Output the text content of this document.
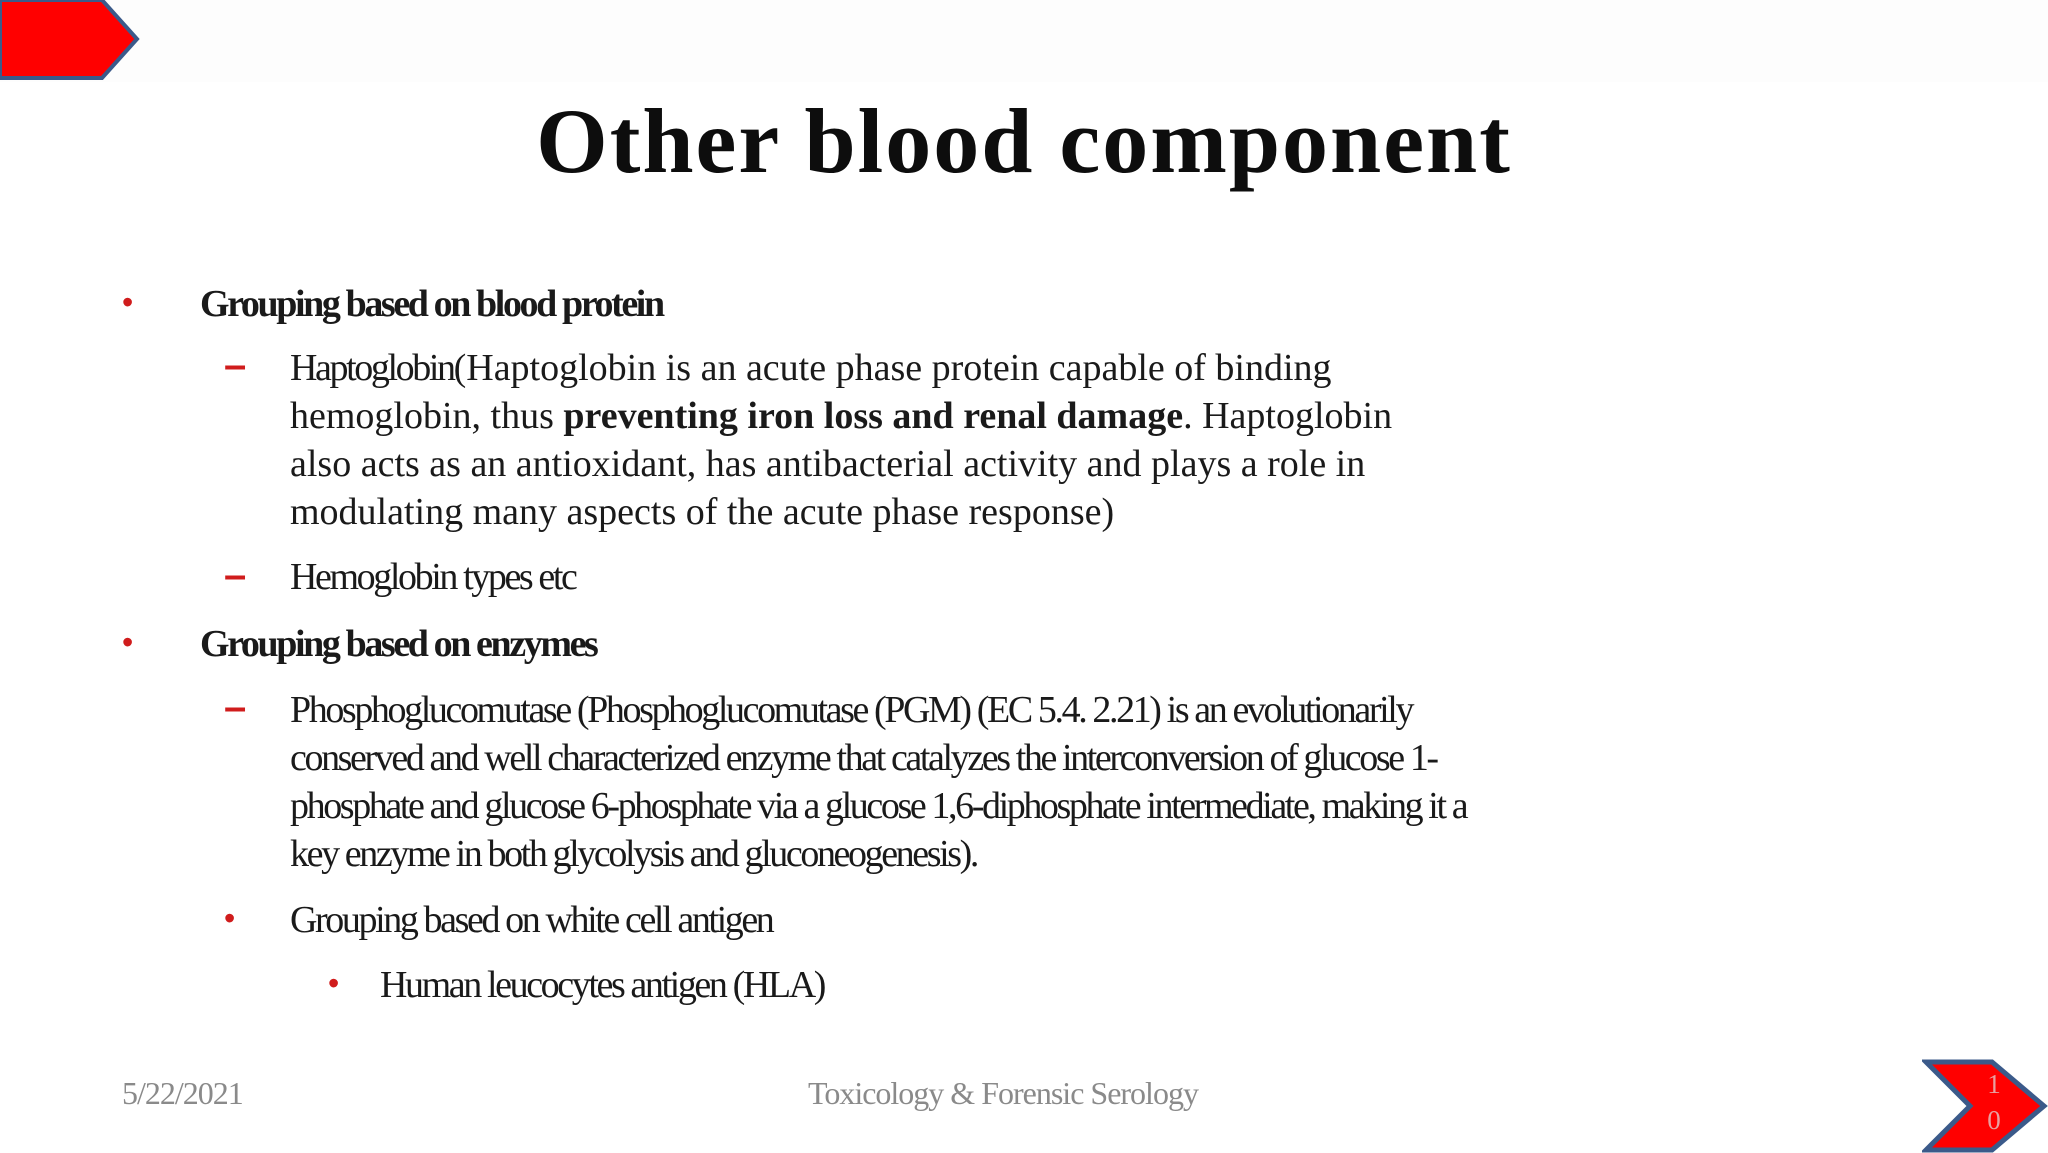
Other blood component
• Grouping based on blood protein
– Haptoglobin(Haptoglobin is an acute phase protein capable of binding
hemoglobin, thus preventing iron loss and renal damage. Haptoglobin
also acts as an antioxidant, has antibacterial activity and plays a role in
modulating many aspects of the acute phase response)
– Hemoglobin types etc
• Grouping based on enzymes
– Phosphoglucomutase (Phosphoglucomutase (PGM) (EC 5.4. 2.21) is an evolutionarily
conserved and well characterized enzyme that catalyzes the interconversion of glucose 1-
phosphate and glucose 6-phosphate via a glucose 1,6-diphosphate intermediate, making it a
key enzyme in both glycolysis and gluconeogenesis).
• Grouping based on white cell antigen
• Human leucocytes antigen (HLA)
5/22/2021	Toxicology & Forensic Serology	1
0
